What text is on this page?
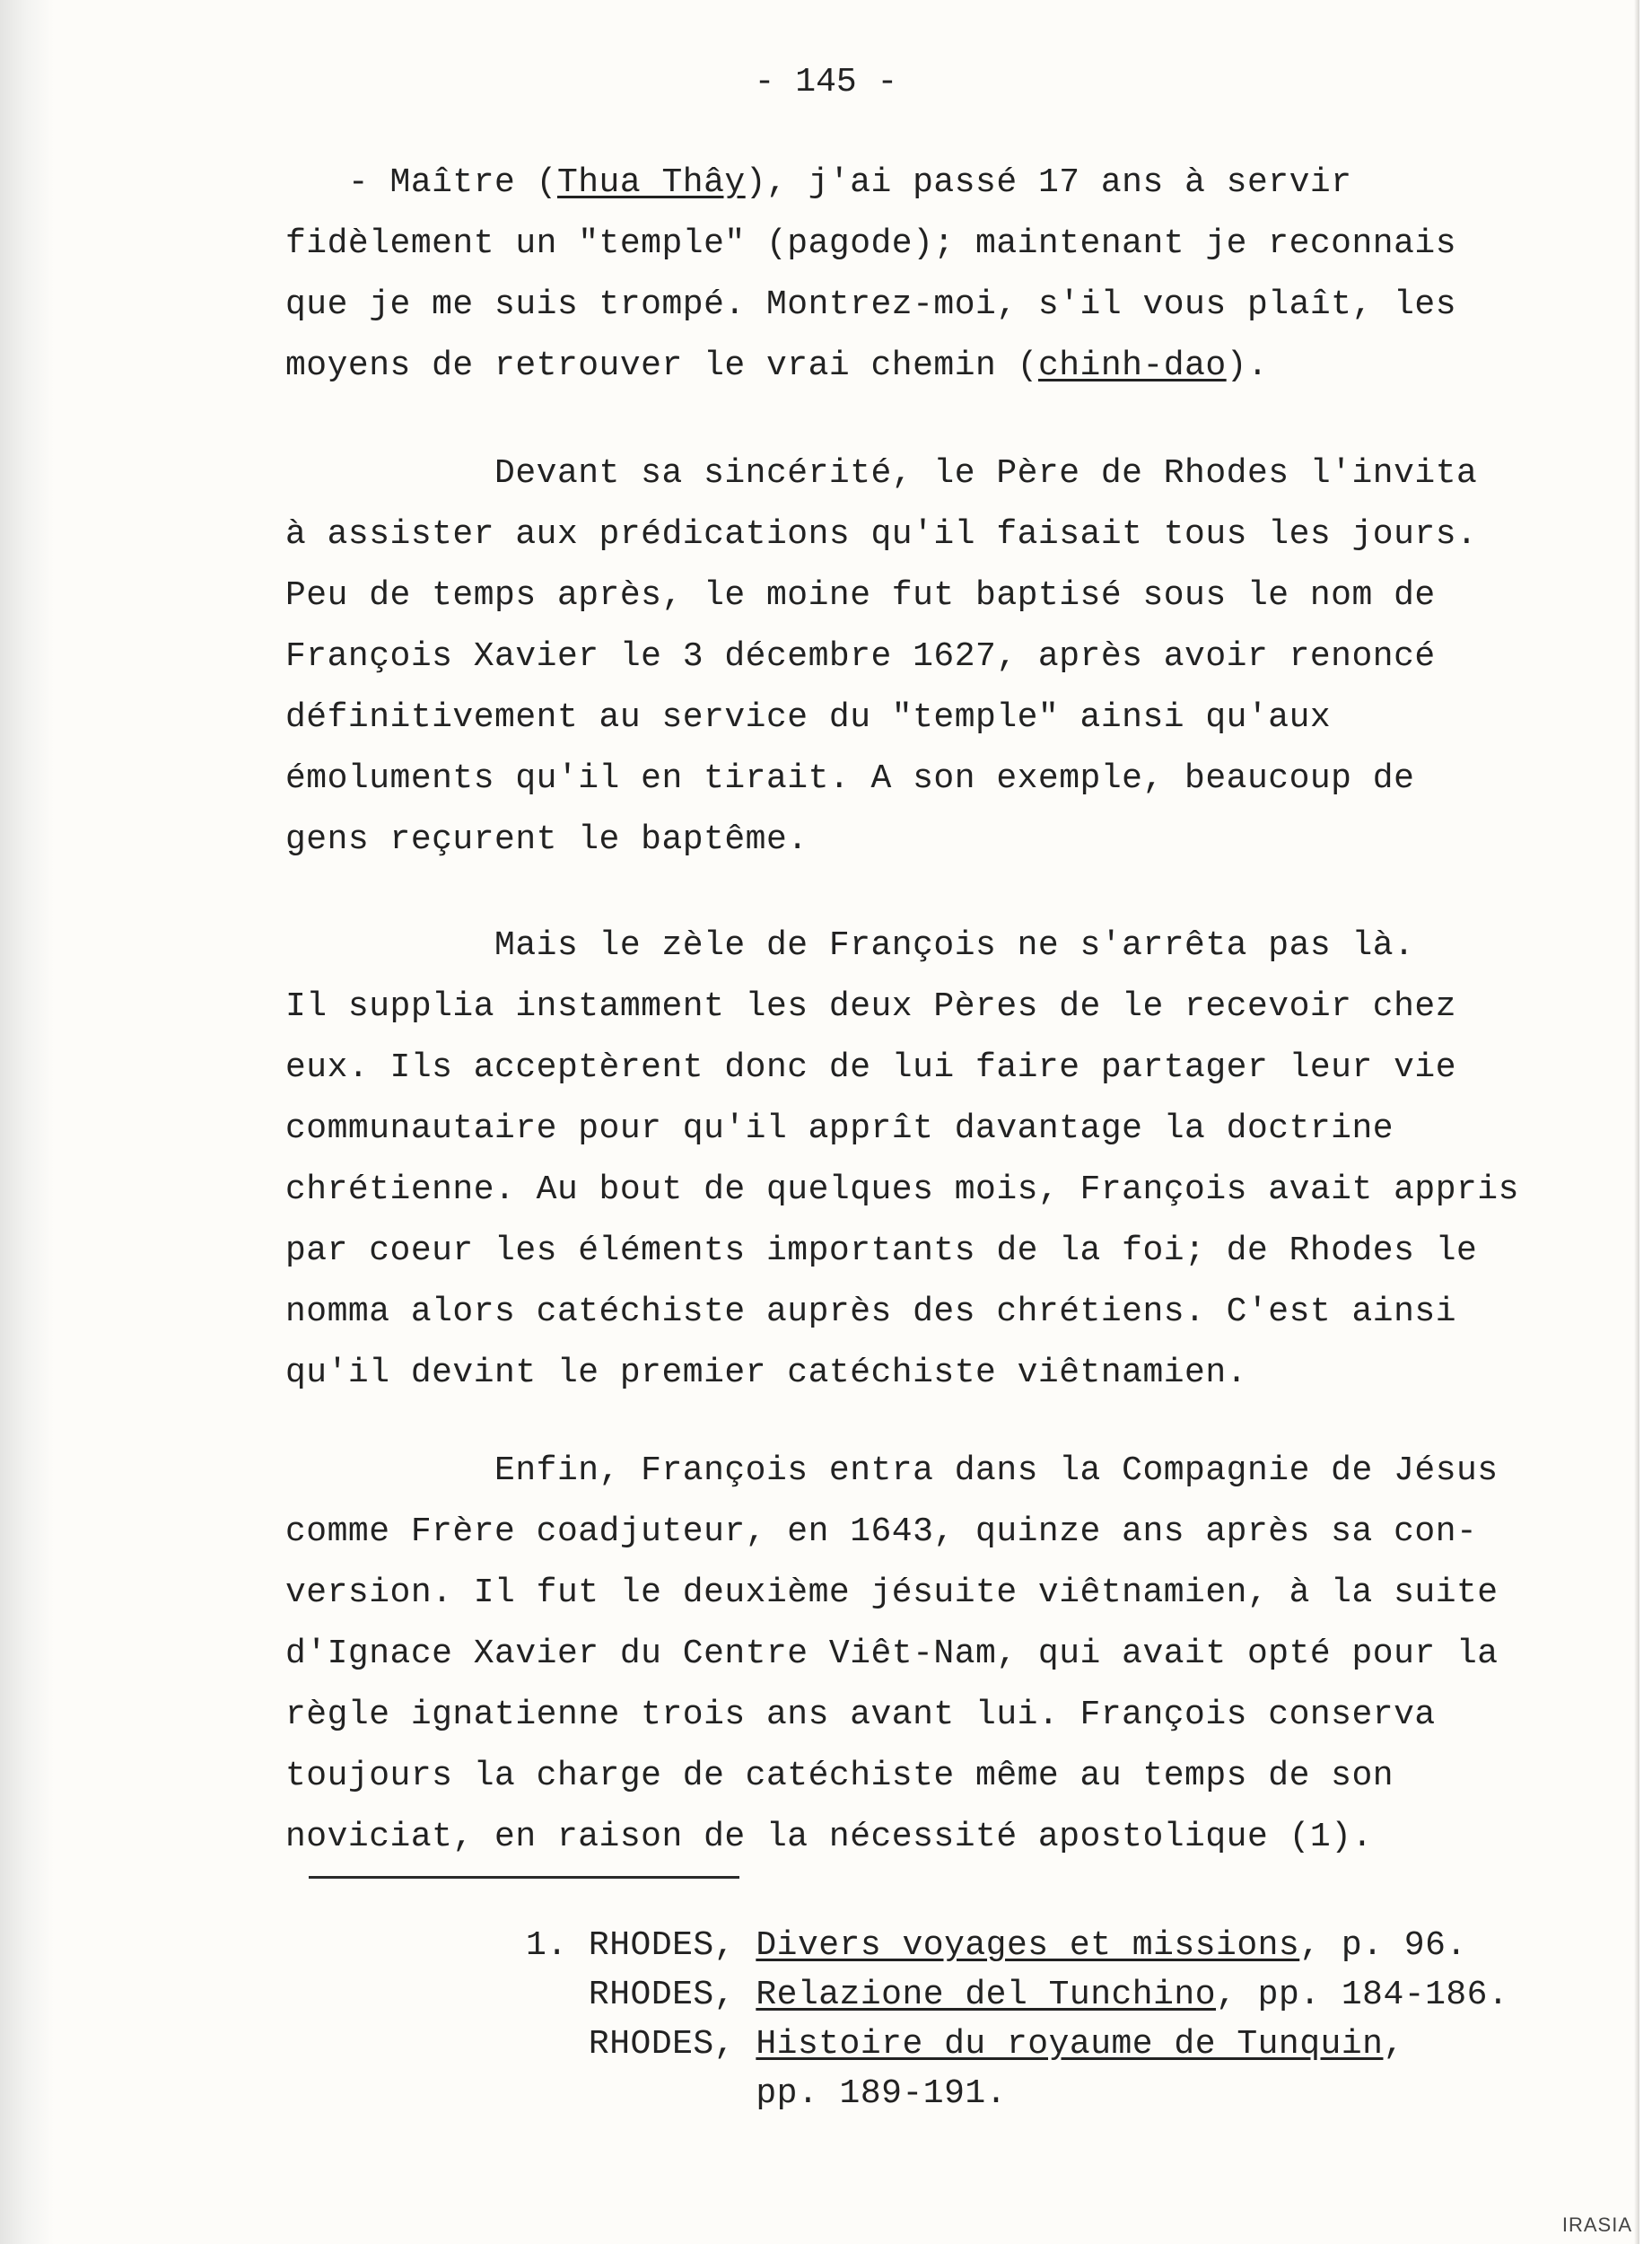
- 145 -
- Maître (Thua Thây), j'ai passé 17 ans à servir
fidèlement un "temple" (pagode); maintenant je reconnais
que je me suis trompé. Montrez-moi, s'il vous plaît, les
moyens de retrouver le vrai chemin (chinh-dao).
Devant sa sincérité, le Père de Rhodes l'invita
à assister aux prédications qu'il faisait tous les jours.
Peu de temps après, le moine fut baptisé sous le nom de
François Xavier le 3 décembre 1627, après avoir renoncé
définitivement au service du "temple" ainsi qu'aux
émoluments qu'il en tirait. A son exemple, beaucoup de
gens reçurent le baptême.
Mais le zèle de François ne s'arrêta pas là.
Il supplia instamment les deux Pères de le recevoir chez
eux. Ils acceptèrent donc de lui faire partager leur vie
communautaire pour qu'il apprît davantage la doctrine
chrétienne. Au bout de quelques mois, François avait appris
par coeur les éléments importants de la foi; de Rhodes le
nomma alors catéchiste auprès des chrétiens. C'est ainsi
qu'il devint le premier catéchiste viêtnamien.
Enfin, François entra dans la Compagnie de Jésus
comme Frère coadjuteur, en 1643, quinze ans après sa con-
version. Il fut le deuxième jésuite viêtnamien, à la suite
d'Ignace Xavier du Centre Viêt-Nam, qui avait opté pour la
règle ignatienne trois ans avant lui. François conserva
toujours la charge de catéchiste même au temps de son
noviciat, en raison de la nécessité apostolique (1).
1. RHODES, Divers voyages et missions, p. 96.
RHODES, Relazione del Tunchino, pp. 184-186.
RHODES, Histoire du royaume de Tunquin,
pp. 189-191.
IRASIA
